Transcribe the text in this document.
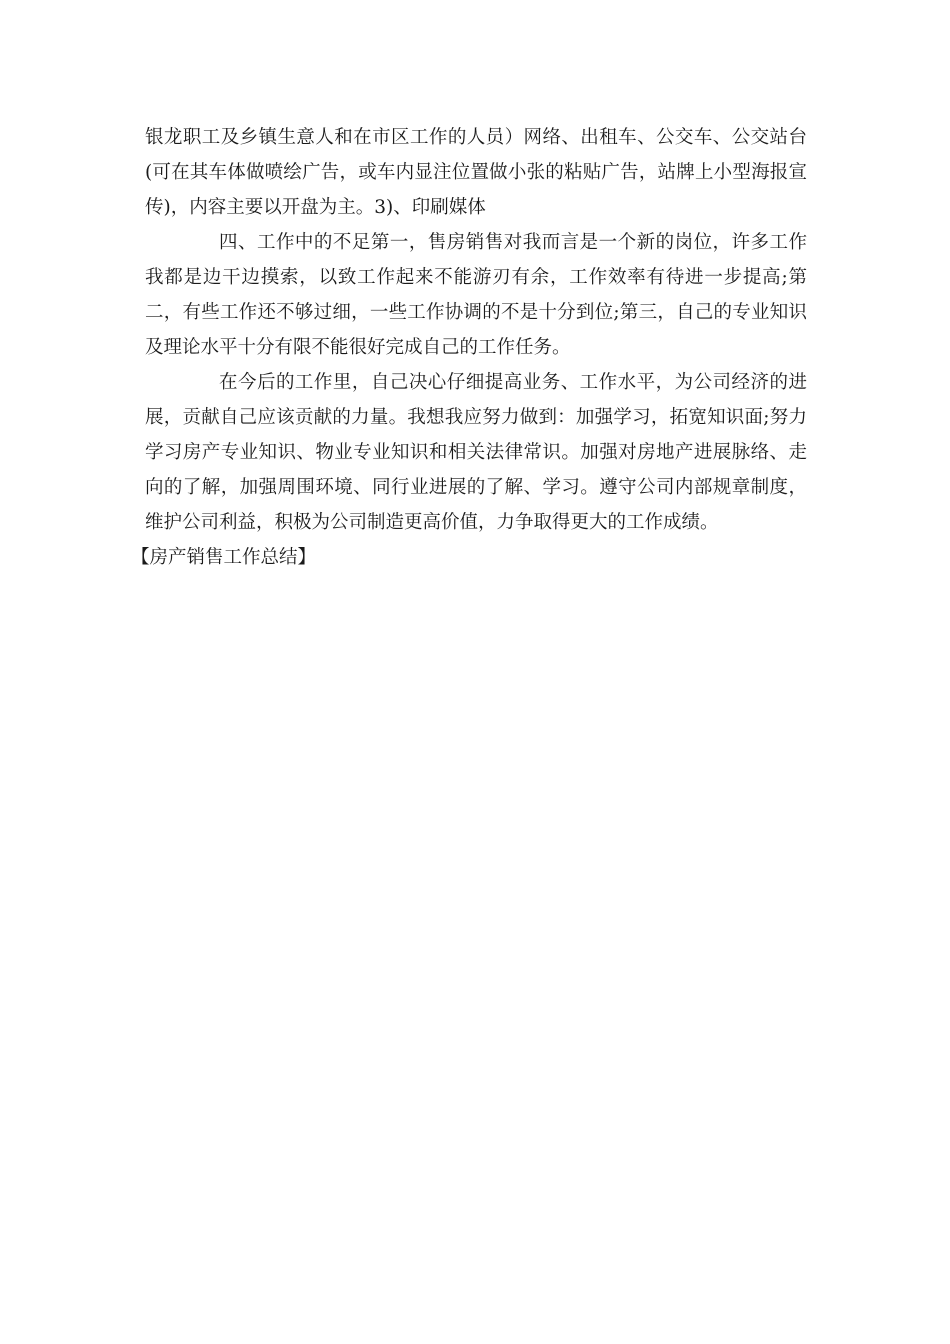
银龙职工及乡镇生意人和在市区工作的人员）网络、出租车、公交车、公交站台(可在其车体做喷绘广告，或车内显注位置做小张的粘贴广告，站牌上小型海报宣传)，内容主要以开盘为主。3)、印刷媒体

四、工作中的不足第一，售房销售对我而言是一个新的岗位，许多工作我都是边干边摸索，以致工作起来不能游刃有余，工作效率有待进一步提高;第二，有些工作还不够过细，一些工作协调的不是十分到位;第三，自己的专业知识及理论水平十分有限不能很好完成自己的工作任务。

在今后的工作里，自己决心仔细提高业务、工作水平，为公司经济的进展，贡献自己应该贡献的力量。我想我应努力做到：加强学习，拓宽知识面;努力学习房产专业知识、物业专业知识和相关法律常识。加强对房地产进展脉络、走向的了解，加强周围环境、同行业进展的了解、学习。遵守公司内部规章制度，维护公司利益，积极为公司制造更高价值，力争取得更大的工作成绩。

【房产销售工作总结】
